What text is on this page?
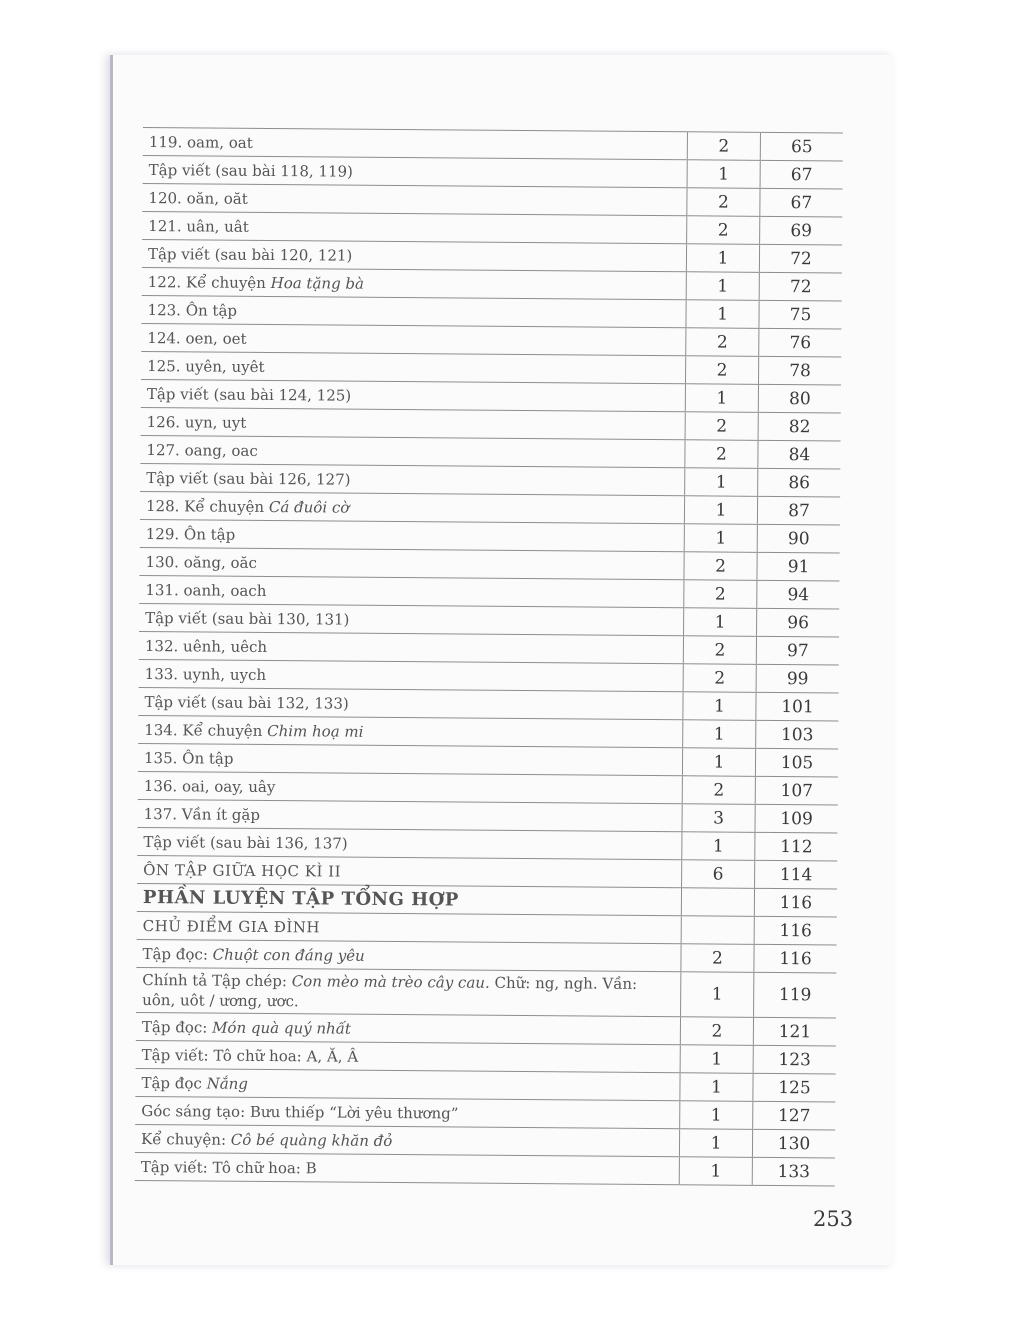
119. oam, oat	2	65
Tập viết (sau bài 118, 119)	1	67
120. oăn, oăt	2	67
121. uân, uât	2	69
Tập viết (sau bài 120, 121)	1	72
122. Kể chuyện Hoa tặng bà	1	72
123. Ôn tập	1	75
124. oen, oet	2	76
125. uyên, uyêt	2	78
Tập viết (sau bài 124, 125)	1	80
126. uyn, uyt	2	82
127. oang, oac	2	84
Tập viết (sau bài 126, 127)	1	86
128. Kể chuyện Cá đuôi cờ	1	87
129. Ôn tập	1	90
130. oăng, oăc	2	91
131. oanh, oach	2	94
Tập viết (sau bài 130, 131)	1	96
132. uênh, uêch	2	97
133. uynh, uych	2	99
Tập viết (sau bài 132, 133)	1	101
134. Kể chuyện Chim hoạ mi	1	103
135. Ôn tập	1	105
136. oai, oay, uây	2	107
137. Vần ít gặp	3	109
Tập viết (sau bài 136, 137)	1	112
ÔN TẬP GIỮA HỌC KÌ II	6	114
PHẦN LUYỆN TẬP TỔNG HỢP		116
CHỦ ĐIỂM GIA ĐÌNH		116
Tập đọc: Chuột con đáng yêu	2	116
Chính tả Tập chép: Con mèo mà trèo cây cau. Chữ: ng, ngh. Vần: uôn, uôt / ương, ươc.	1	119
Tập đọc: Món quà quý nhất	2	121
Tập viết: Tô chữ hoa: A, Ă, Â	1	123
Tập đọc Nắng	1	125
Góc sáng tạo: Bưu thiếp “Lời yêu thương”	1	127
Kể chuyện: Cô bé quàng khăn đỏ	1	130
Tập viết: Tô chữ hoa: B	1	133
253
